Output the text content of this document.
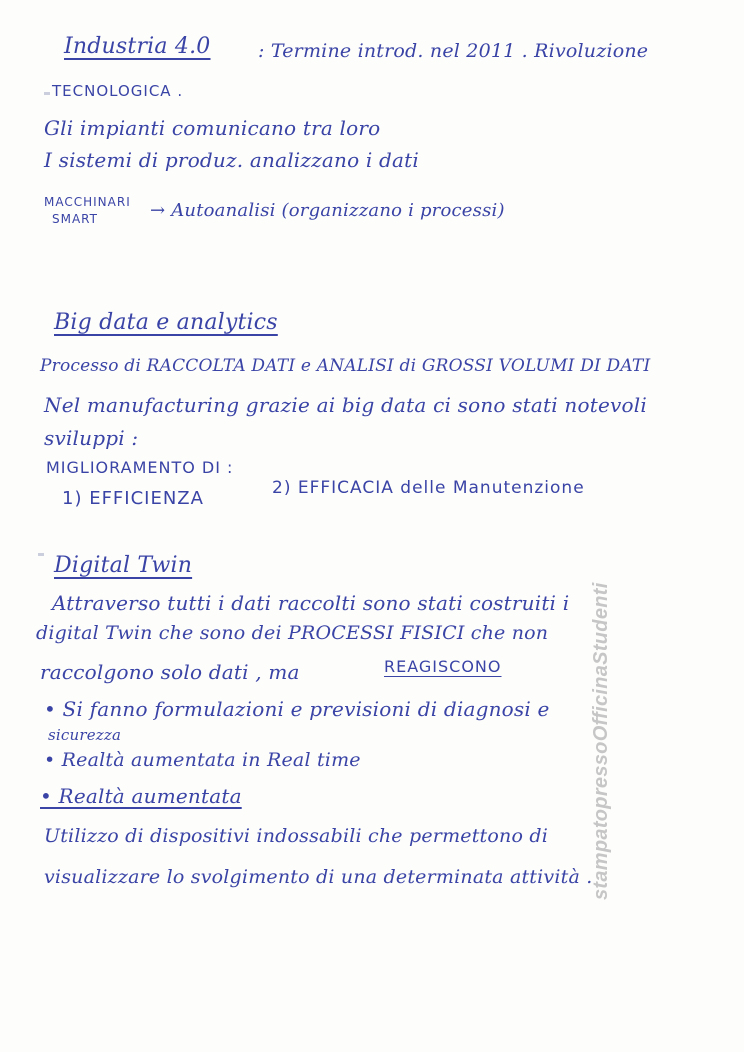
Industria 4.0	: Termine introd. nel 2011 . Rivoluzione
TECNOLOGICA .
Gli impianti comunicano tra loro
I sistemi di produz. analizzano i dati
MACCHINARI
SMART	→ Autoanalisi (organizzano i processi)
Big data e analytics
Processo di RACCOLTA DATI e ANALISI di GROSSI VOLUMI DI DATI
Nel manufacturing grazie ai big data ci sono stati notevoli
sviluppi :
MIGLIORAMENTO DI :
1) EFFICIENZA	2) EFFICACIA delle Manutenzione
Digital Twin
Attraverso tutti i dati raccolti sono stati costruiti i
digital Twin che sono dei PROCESSI FISICI che non
raccolgono solo dati , ma	REAGISCONO
• Si fanno formulazioni e previsioni di diagnosi e
sicurezza
• Realtà aumentata in Real time
• Realtà aumentata
Utilizzo di dispositivi indossabili che permettono di
visualizzare lo svolgimento di una determinata attività .
stampatopressoOfficinaStudenti
